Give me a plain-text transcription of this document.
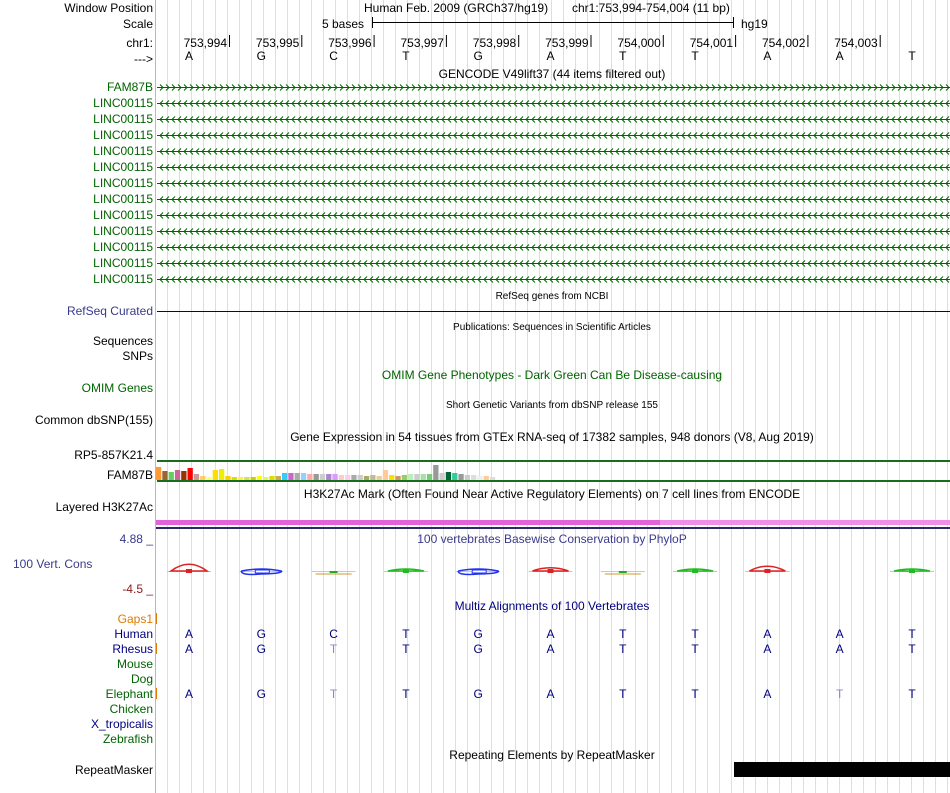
Window Position	Human Feb. 2009 (GRCh37/hg19) chr1:753,994-754,004 (11 bp)
Scale	5 bases	hg19
chr1:
--->
753,994	753,995	753,996	753,997	753,998	753,999	754,000	754,001	754,002	754,003
A	G	C	T	G	A	T	T	A	A	T
GENCODE V49lift37 (44 items filtered out)
FAM87B
LINC00115
LINC00115
LINC00115
LINC00115
LINC00115
LINC00115
LINC00115
LINC00115
LINC00115
LINC00115
LINC00115
LINC00115
RefSeq genes from NCBI
RefSeq Curated
Publications: Sequences in Scientific Articles
Sequences
SNPs
OMIM Gene Phenotypes - Dark Green Can Be Disease-causing
OMIM Genes
Short Genetic Variants from dbSNP release 155
Common dbSNP(155)
Gene Expression in 54 tissues from GTEx RNA-seq of 17382 samples, 948 donors (V8, Aug 2019)
RP5-857K21.4
FAM87B
H3K27Ac Mark (Often Found Near Active Regulatory Elements) on 7 cell lines from ENCODE
Layered H3K27Ac
100 vertebrates Basewise Conservation by PhyloP
4.88 _
100 Vert. Cons
-4.5 _
Multiz Alignments of 100 Vertebrates
Gaps1
Human	A	G	C	T	G	A	T	T	A	A	T
Rhesus	A	G	T	T	G	A	T	T	A	A	T
Mouse
Dog
Elephant	A	G	T	T	G	A	T	T	A	T	T
Chicken
X_tropicalis
Zebrafish
Repeating Elements by RepeatMasker
RepeatMasker
